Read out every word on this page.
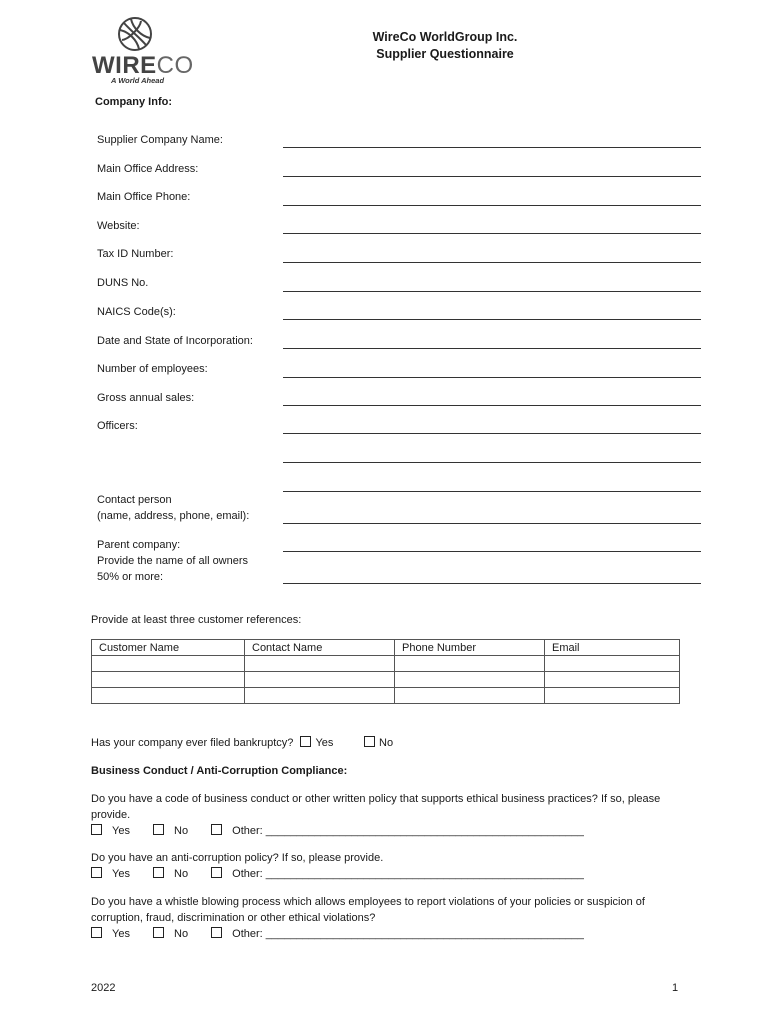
WIRECO
A World Ahead
WireCo WorldGroup Inc.
Supplier Questionnaire
Company Info:
Supplier Company Name:
Main Office Address:
Main Office Phone:
Website:
Tax ID Number:
DUNS No.
NAICS Code(s):
Date and State of Incorporation:
Number of employees:
Gross annual sales:
Officers:
Contact person
(name, address, phone, email):
Parent company:
Provide the name of all owners
50% or more:
Provide at least three customer references:
Customer Name	Contact Name	Phone Number	Email

Has your company ever filed bankruptcy? Yes	No
Business Conduct / Anti-Corruption Compliance:
Do you have a code of business conduct or other written policy that supports ethical business practices? If so, please
provide.
Yes	No	Other: ____________________________________________________
Do you have an anti-corruption policy? If so, please provide.
Yes	No	Other: ____________________________________________________
Do you have a whistle blowing process which allows employees to report violations of your policies or suspicion of
corruption, fraud, discrimination or other ethical violations?
Yes	No	Other: ____________________________________________________
2022	1
